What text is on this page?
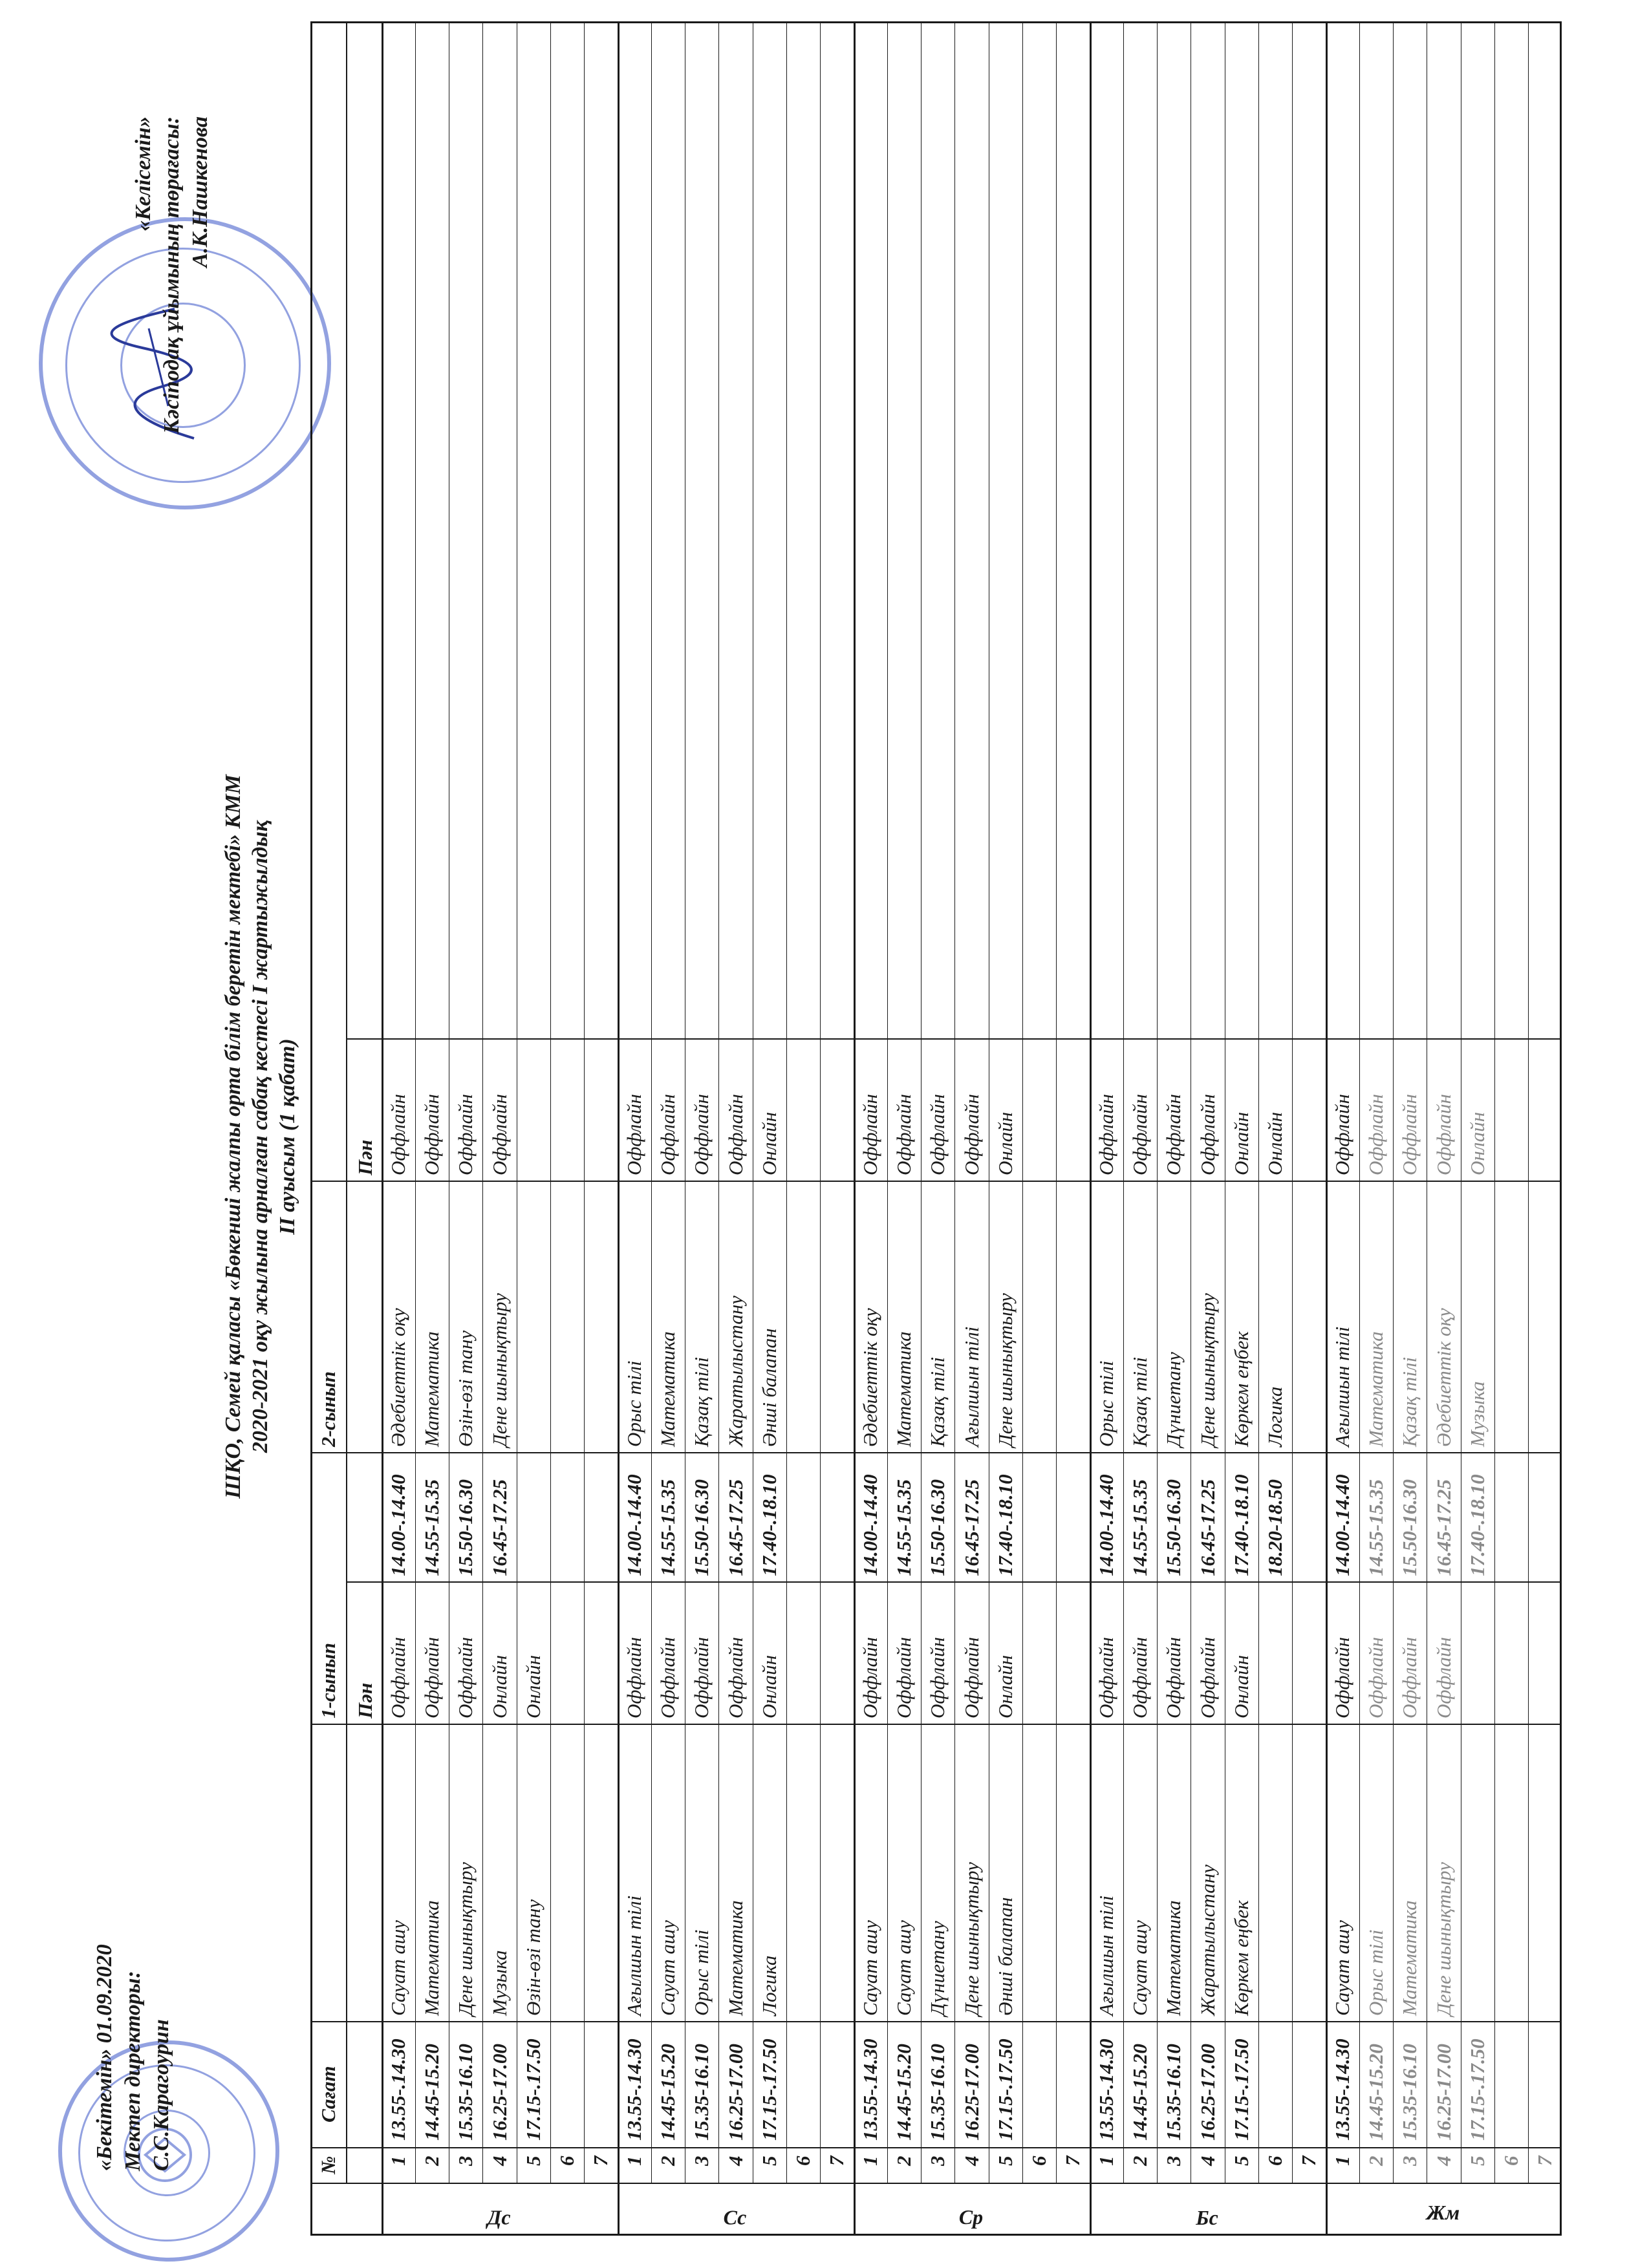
«Бекітемін» 01.09.2020 Мектеп директоры: С.С.Карагоурин
«Келісемін» Кәсіподақ ұйымының төрағасы: А.К.Нашкенова
ШҚО, Семей қаласы «Бөкенші жалпы орта білім беретін мектебі» КММ 2020-2021 оқу жылына арналған сабақ кестесі І жартыжылдық ІІ ауысым (1 қабат)
№
Сағат
1-сынып
2-сынып
Пән
Пән
Дс
1
13.55-.14.30
Сауат ашу
Оффлайн
14.00-.14.40
Әдебиеттік оқу
Оффлайн
2
14.45-15.20
Математика
Оффлайн
14.55-15.35
Математика
Оффлайн
3
15.35-16.10
Дене шынықтыру
Оффлайн
15.50-16.30
Өзін-өзі тану
Оффлайн
4
16.25-17.00
Музыка
Онлайн
16.45-17.25
Дене шынықтыру
Оффлайн
5
17.15-.17.50
Өзін-өзі тану
Онлайн
6 7
Сс
1
13.55-.14.30
Ағылшын тілі
Оффлайн
14.00-.14.40
Орыс тілі
Оффлайн
2
14.45-15.20
Сауат ашу
Оффлайн
14.55-15.35
Математика
Оффлайн
3
15.35-16.10
Орыс тілі
Оффлайн
15.50-16.30
Қазақ тілі
Оффлайн
4
16.25-17.00
Математика
Оффлайн
16.45-17.25
Жаратылыстану
Оффлайн
5
17.15-.17.50
Логика
Онлайн
17.40-.18.10
Әнші балапан
Онлайн
6 7
Ср
1
13.55-.14.30
Сауат ашу
Оффлайн
14.00-.14.40
Әдебиеттік оқу
Оффлайн
2
14.45-15.20
Сауат ашу
Оффлайн
14.55-15.35
Математика
Оффлайн
3
15.35-16.10
Дүниетану
Оффлайн
15.50-16.30
Қазақ тілі
Оффлайн
4
16.25-17.00
Дене шынықтыру
Оффлайн
16.45-17.25
Ағылшын тілі
Оффлайн
5
17.15-.17.50
Әнші балапан
Онлайн
17.40-.18.10
Дене шынықтыру
Онлайн
6 7
Бс
1
13.55-.14.30
Ағылшын тілі
Оффлайн
14.00-.14.40
Орыс тілі
Оффлайн
2
14.45-15.20
Сауат ашу
Оффлайн
14.55-15.35
Қазақ тілі
Оффлайн
3
15.35-16.10
Математика
Оффлайн
15.50-16.30
Дүниетану
Оффлайн
4
16.25-17.00
Жаратылыстану
Оффлайн
16.45-17.25
Дене шынықтыру
Оффлайн
5
17.15-.17.50
Көркем еңбек
Онлайн
17.40-.18.10
Көркем еңбек
Онлайн
6
18.20-18.50
Логика
Онлайн
7
Жм
1
13.55-.14.30
Сауат ашу
Оффлайн
14.00-.14.40
Ағылшын тілі
Оффлайн
2
14.45-15.20
Орыс тілі
Оффлайн
14.55-15.35
Математика
Оффлайн
3
15.35-16.10
Математика
Оффлайн
15.50-16.30
Қазақ тілі
Оффлайн
4
16.25-17.00
Дене шынықтыру
Оффлайн
16.45-17.25
Әдебиеттік оқу
Оффлайн
5
17.15-.17.50
17.40-.18.10
Музыка
Онлайн
6 7
